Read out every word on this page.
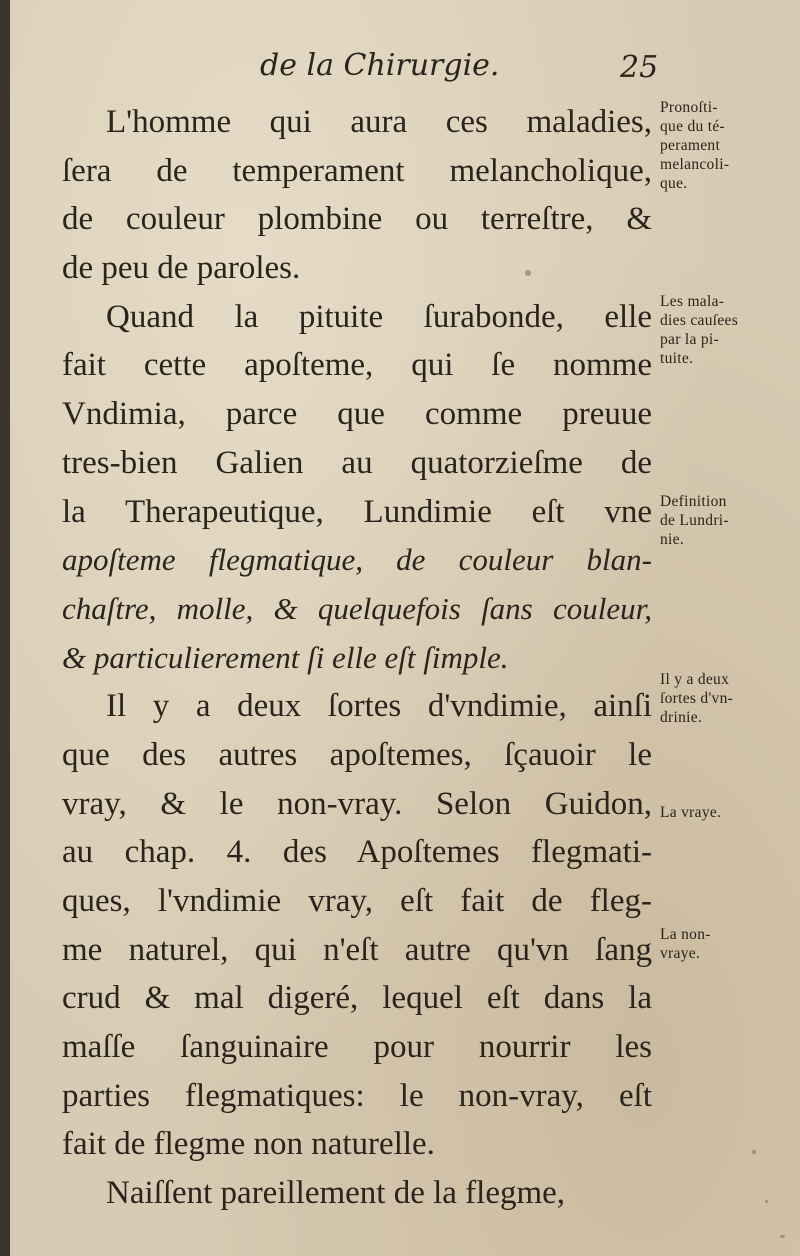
de la Chirurgie.	25
L'homme qui aura ces maladies,
ſera de temperament melancholique,
de couleur plombine ou terreſtre, &
de peu de paroles.
Quand la pituite ſurabonde, elle
fait cette apoſteme, qui ſe nomme
Vndimia, parce que comme preuue
tres-bien Galien au quatorzieſme de
la Therapeutique, Lundimie eſt vne
apoſteme flegmatique, de couleur blan-
chaſtre, molle, & quelquefois ſans couleur,
& particulierement ſi elle eſt ſimple.
Il y a deux ſortes d'vndimie, ainſi
que des autres apoſtemes, ſçauoir le
vray, & le non-vray. Selon Guidon,
au chap. 4. des Apoſtemes flegmati-
ques, l'vndimie vray, eſt fait de fleg-
me naturel, qui n'eſt autre qu'vn ſang
crud & mal digeré, lequel eſt dans la
maſſe ſanguinaire pour nourrir les
parties flegmatiques: le non-vray, eſt
fait de flegme non naturelle.
Naiſſent pareillement de la flegme,
Pronoſti-
que du té-
perament
melancoli-
que.
Les mala-
dies cauſees
par la pi-
tuite.
Definition
de Lundri-
nie.
Il y a deux
ſortes d'vn-
drinie.
La vraye.
La non-
vraye.
